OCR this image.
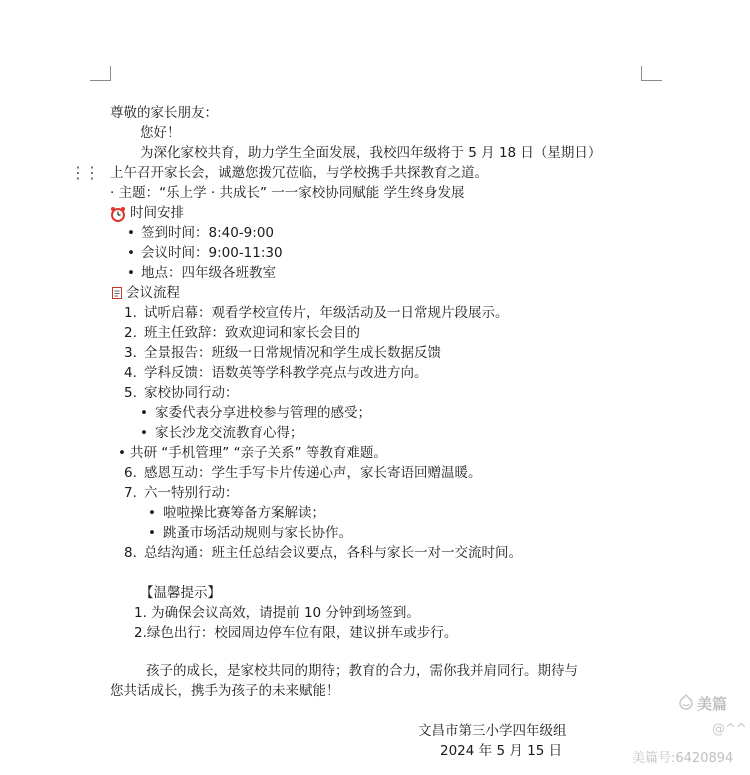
⋮⋮
尊敬的家长朋友：
您好！
为深化家校共育，助力学生全面发展，我校四年级将于 5 月 18 日（星期日）
上午召开家长会，诚邀您拨冗莅临，与学校携手共探教育之道。
· 主题：“乐上学 · 共成长” 一一家校协同赋能 学生终身发展
时间安排
• 签到时间：8:40-9:00
• 会议时间：9:00-11:30
• 地点：四年级各班教室
会议流程
1. 试听启幕：观看学校宣传片，年级活动及一日常规片段展示。
2. 班主任致辞：致欢迎词和家长会目的
3. 全景报告：班级一日常规情况和学生成长数据反馈
4. 学科反馈：语数英等学科教学亮点与改进方向。
5. 家校协同行动：
• 家委代表分享进校参与管理的感受；
• 家长沙龙交流教育心得；
• 共研 “手机管理” “亲子关系” 等教育难题。
6. 感恩互动：学生手写卡片传递心声，家长寄语回赠温暖。
7. 六一特别行动：
• 啦啦操比赛筹备方案解读；
• 跳蚤市场活动规则与家长协作。
8. 总结沟通：班主任总结会议要点，各科与家长一对一交流时间。
【温馨提示】
1. 为确保会议高效，请提前 10 分钟到场签到。
2.绿色出行：校园周边停车位有限，建议拼车或步行。
孩子的成长，是家校共同的期待；教育的合力，需你我并肩同行。期待与
您共话成长，携手为孩子的未来赋能！
文昌市第三小学四年级组
2024 年 5 月 15 日
美篇
@^^
美篇号:6420894
